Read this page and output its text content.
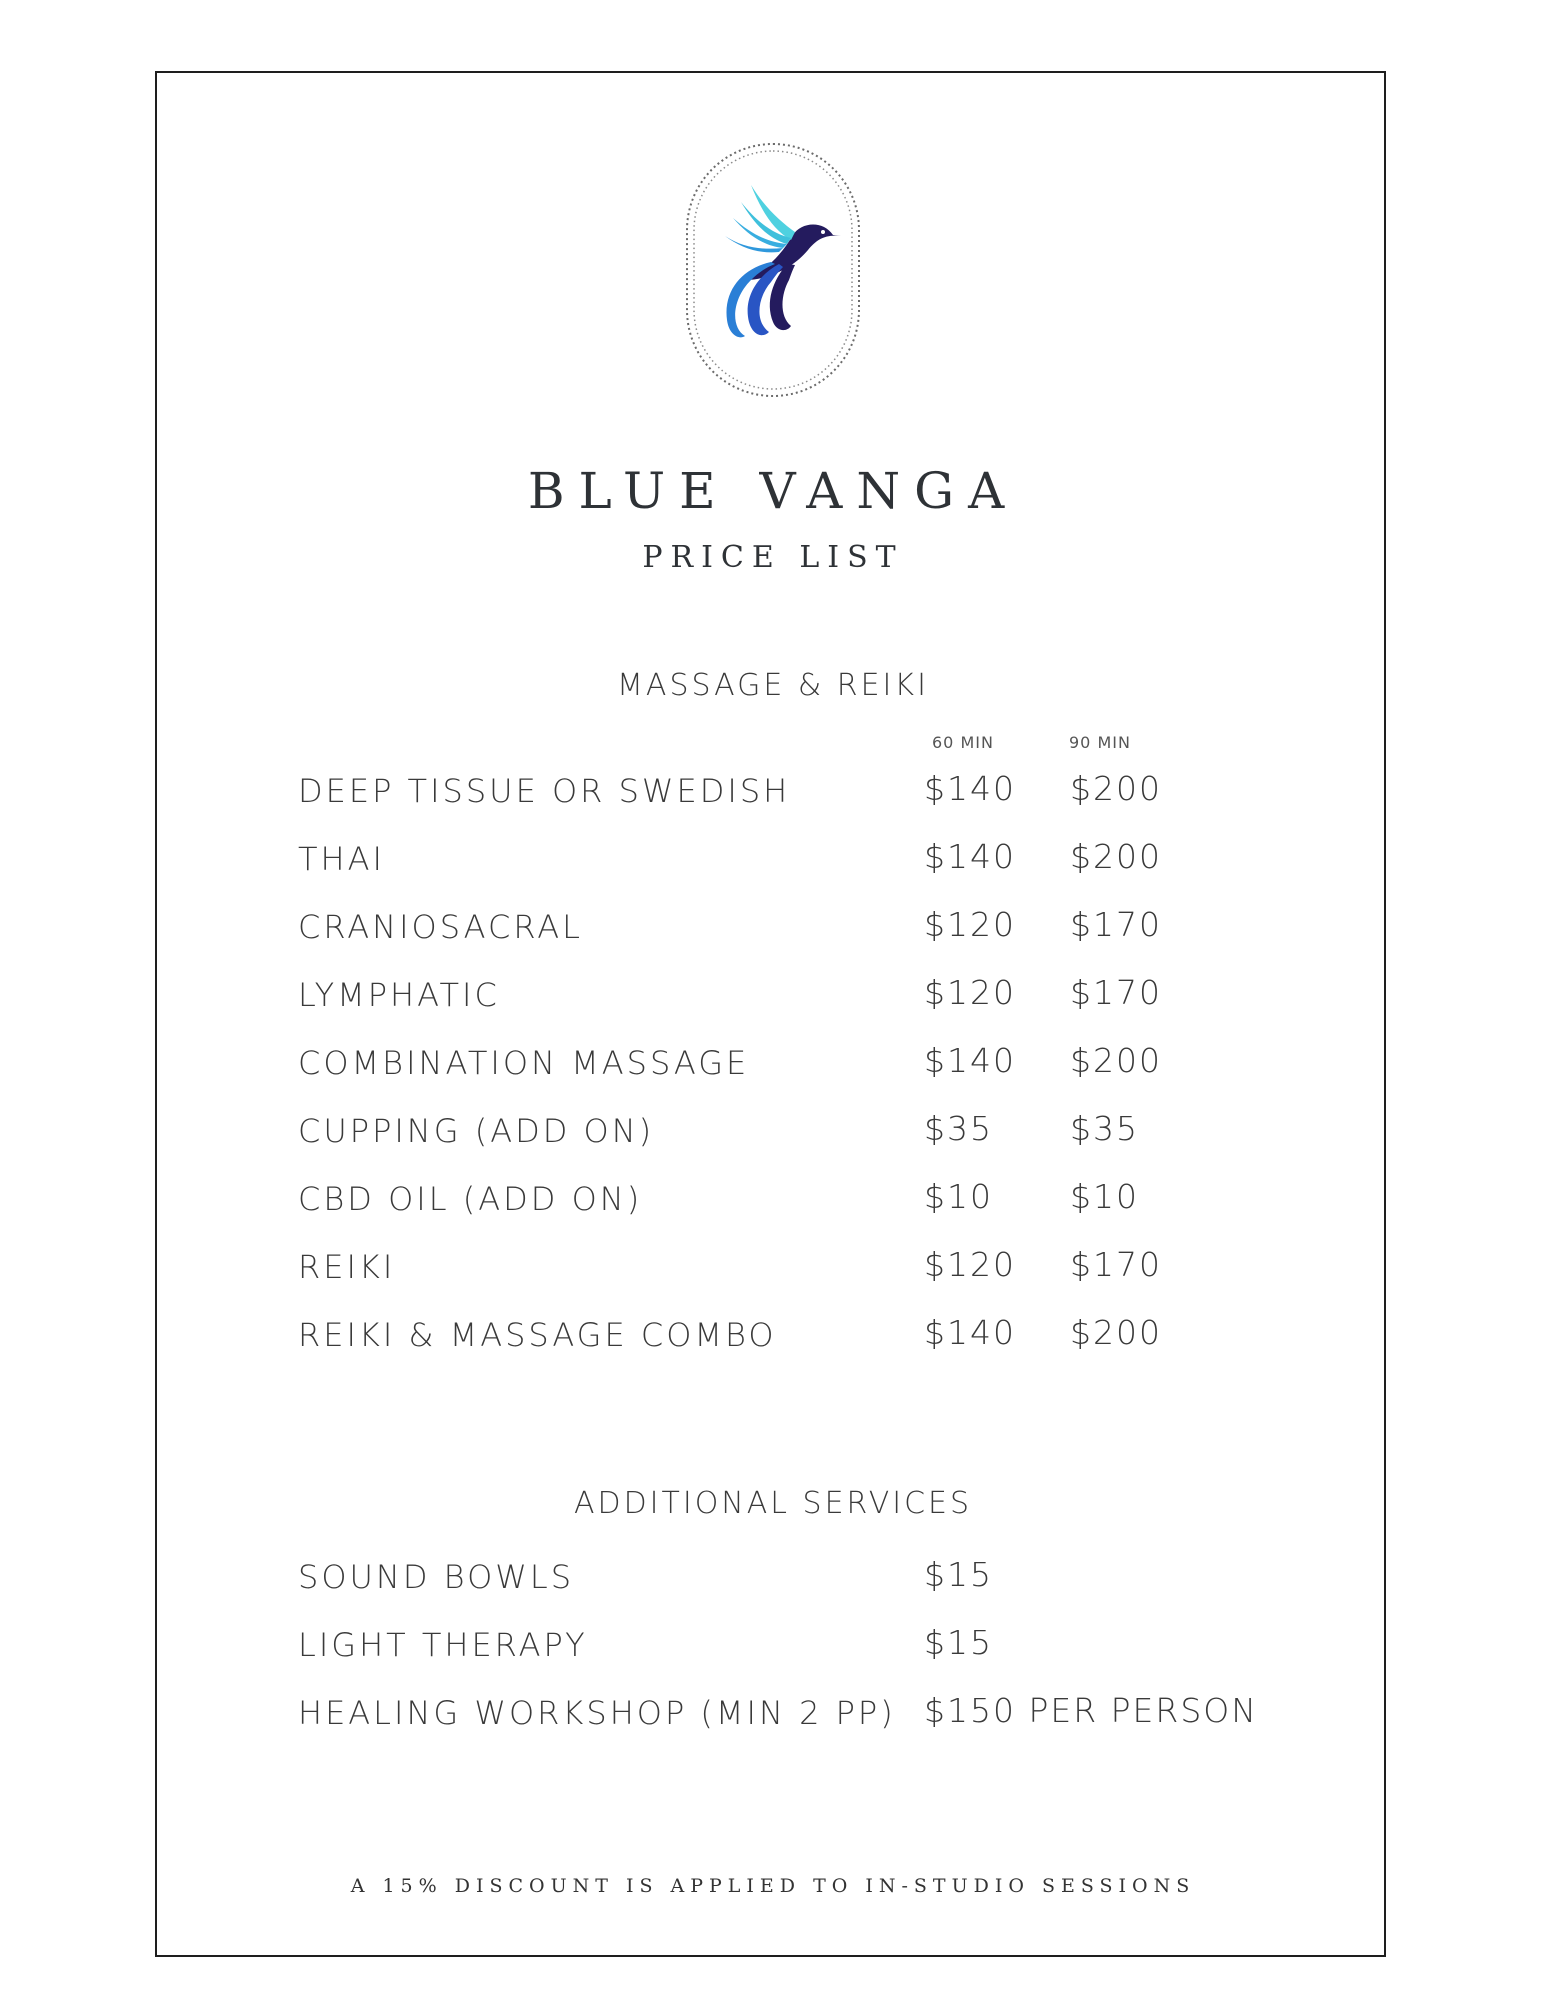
BLUE VANGA
PRICE LIST
MASSAGE & REIKI
60 MIN	90 MIN
DEEP TISSUE OR SWEDISH	$140 $200
THAI	$140 $200
CRANIOSACRAL	$120 $170
LYMPHATIC	$120 $170
COMBINATION MASSAGE	$140 $200
CUPPING (ADD ON)	$35 $35
CBD OIL (ADD ON)	$10 $10
REIKI	$120 $170
REIKI & MASSAGE COMBO	$140 $200
ADDITIONAL SERVICES
SOUND BOWLS	$15
LIGHT THERAPY	$15
HEALING WORKSHOP (MIN 2 PP) $150 PER PERSON
A 15% DISCOUNT IS APPLIED TO IN-STUDIO SESSIONS
